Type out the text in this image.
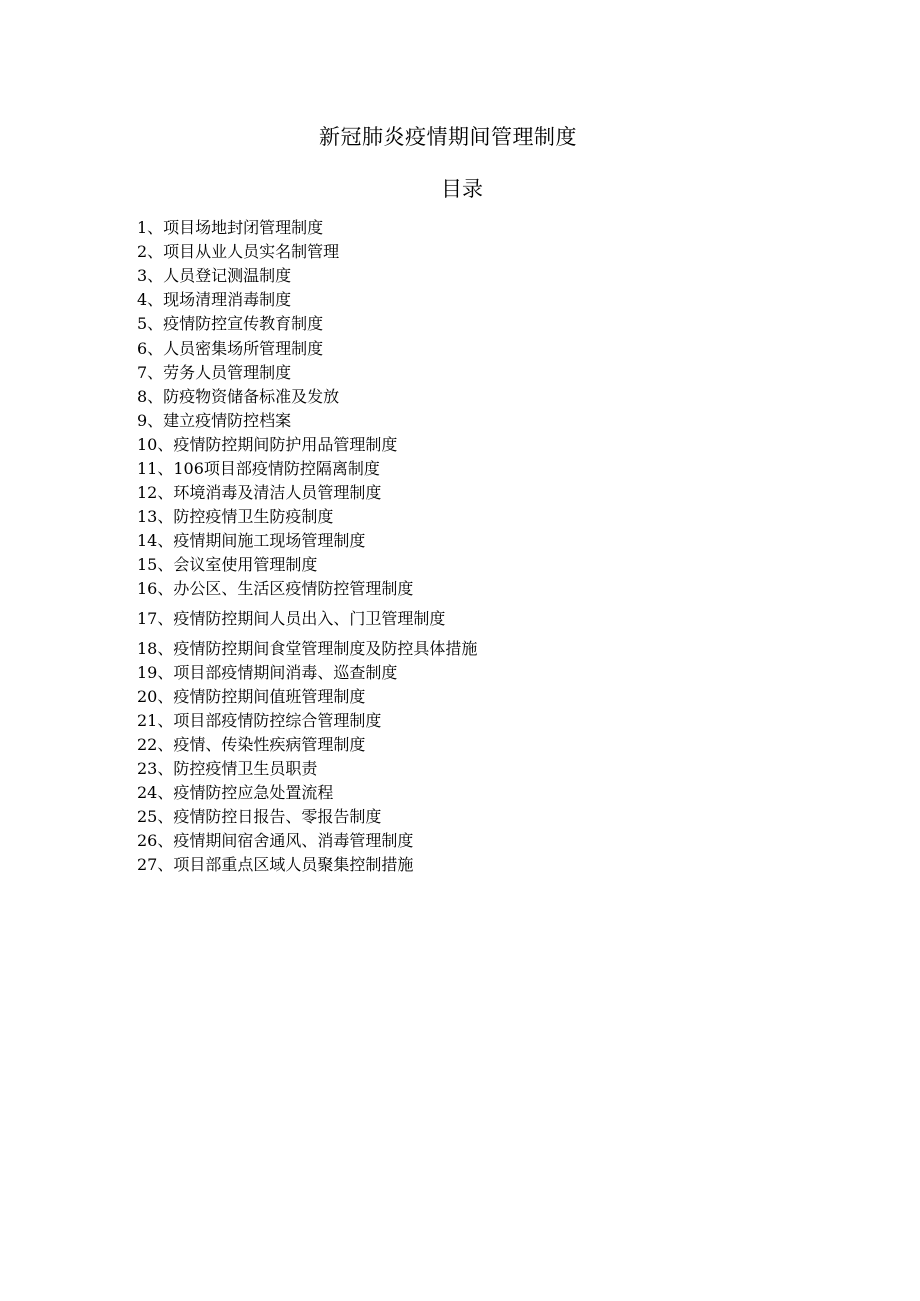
新冠肺炎疫情期间管理制度
目录
1、项目场地封闭管理制度
2、项目从业人员实名制管理
3、人员登记测温制度
4、现场清理消毒制度
5、疫情防控宣传教育制度
6、人员密集场所管理制度
7、劳务人员管理制度
8、防疫物资储备标准及发放
9、建立疫情防控档案
10、疫情防控期间防护用品管理制度
11、106项目部疫情防控隔离制度
12、环境消毒及清洁人员管理制度
13、防控疫情卫生防疫制度
14、疫情期间施工现场管理制度
15、会议室使用管理制度
16、办公区、生活区疫情防控管理制度
17、疫情防控期间人员出入、门卫管理制度
18、疫情防控期间食堂管理制度及防控具体措施
19、项目部疫情期间消毒、巡查制度
20、疫情防控期间值班管理制度
21、项目部疫情防控综合管理制度
22、疫情、传染性疾病管理制度
23、防控疫情卫生员职责
24、疫情防控应急处置流程
25、疫情防控日报告、零报告制度
26、疫情期间宿舍通风、消毒管理制度
27、项目部重点区域人员聚集控制措施
